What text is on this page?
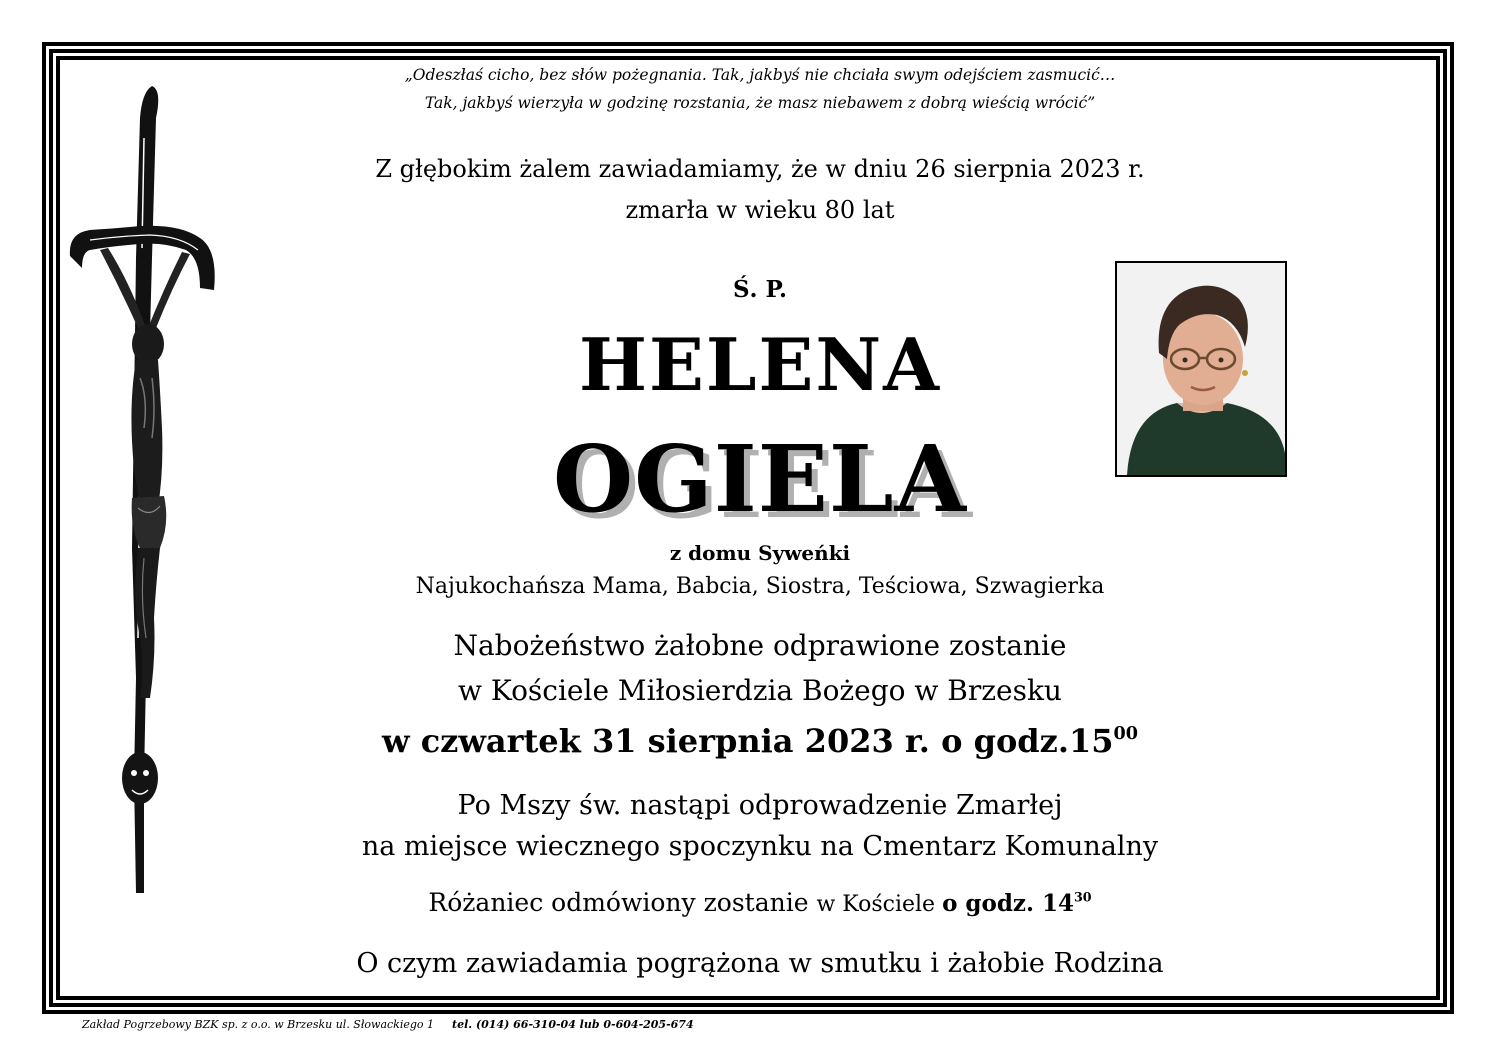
„Odeszłaś cicho, bez słów pożegnania. Tak, jakbyś nie chciała swym odejściem zasmucić…
Tak, jakbyś wierzyła w godzinę rozstania, że masz niebawem z dobrą wieścią wrócić”
Z głębokim żalem zawiadamiamy, że w dniu 26 sierpnia 2023 r.
zmarła w wieku 80 lat
Ś. P.
HELENA
OGIELA
z domu Syweńki
Najukochańsza Mama, Babcia, Siostra, Teściowa, Szwagierka
Nabożeństwo żałobne odprawione zostanie
w Kościele Miłosierdzia Bożego w Brzesku
w czwartek 31 sierpnia 2023 r. o $godz.15^{00}$
Po Mszy św. nastąpi odprowadzenie Zmarłej
na miejsce wiecznego spoczynku na Cmentarz Komunalny
Różaniec odmówiony zostanie w Kościele o godz. $14^{30}$
O czym zawiadamia pogrążona w smutku i żałobie Rodzina
Zakład Pogrzebowy BZK sp. z o.o. w Brzesku ul. Słowackiego 1 tel. (014) 66-310-04 lub 0-604-205-674
